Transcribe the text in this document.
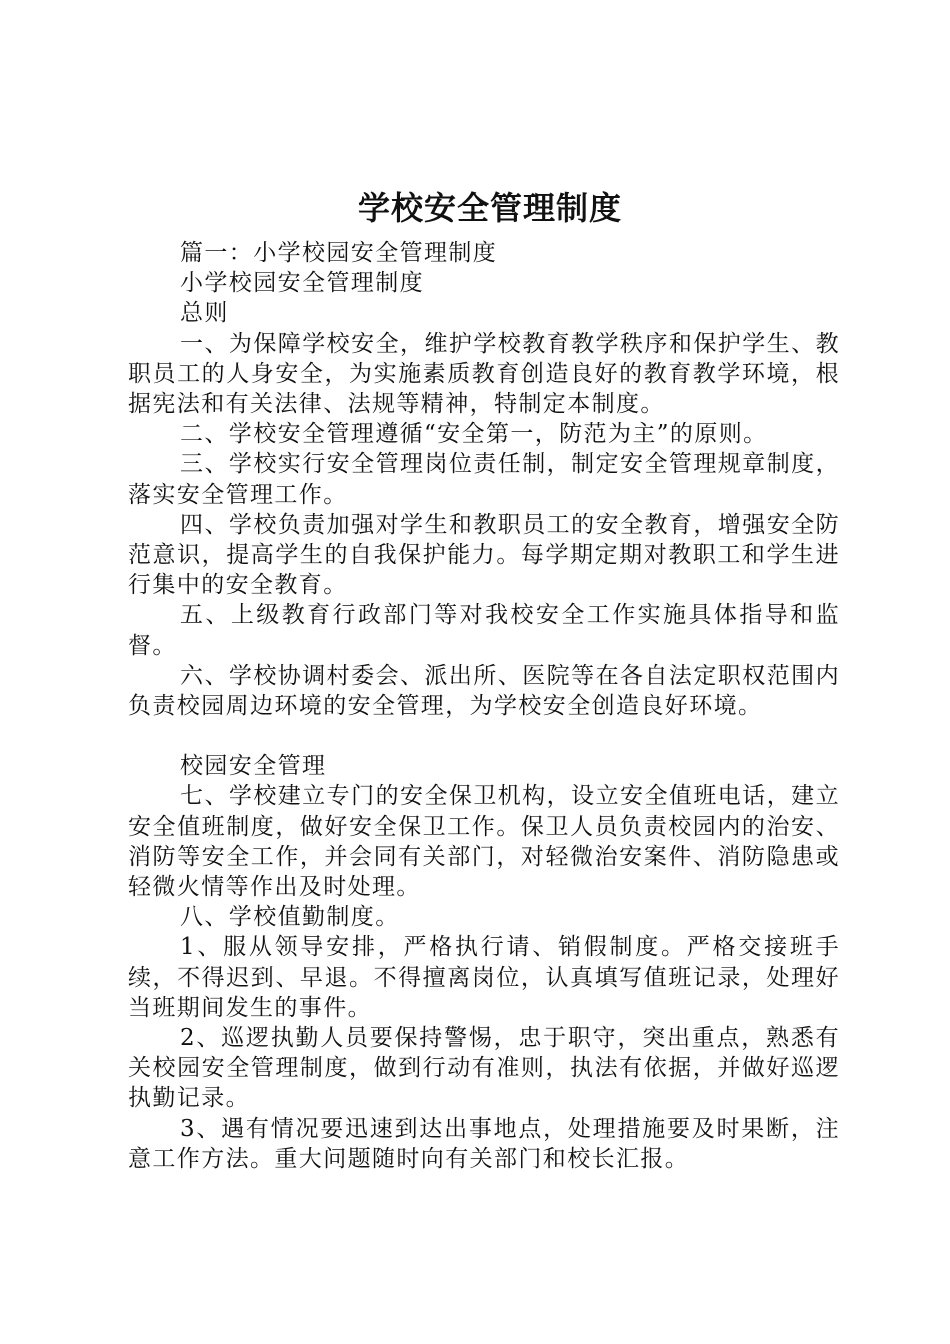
学校安全管理制度

篇一：小学校园安全管理制度

小学校园安全管理制度

总则

一、为保障学校安全，维护学校教育教学秩序和保护学生、教职员工的人身安全，为实施素质教育创造良好的教育教学环境，根据宪法和有关法律、法规等精神，特制定本制度。

二、学校安全管理遵循“安全第一，防范为主”的原则。

三、学校实行安全管理岗位责任制，制定安全管理规章制度，落实安全管理工作。

四、学校负责加强对学生和教职员工的安全教育，增强安全防范意识，提高学生的自我保护能力。每学期定期对教职工和学生进行集中的安全教育。

五、上级教育行政部门等对我校安全工作实施具体指导和监督。

六、学校协调村委会、派出所、医院等在各自法定职权范围内负责校园周边环境的安全管理，为学校安全创造良好环境。

校园安全管理

七、学校建立专门的安全保卫机构，设立安全值班电话，建立安全值班制度，做好安全保卫工作。保卫人员负责校园内的治安、消防等安全工作，并会同有关部门，对轻微治安案件、消防隐患或轻微火情等作出及时处理。

八、学校值勤制度。

1、服从领导安排，严格执行请、销假制度。严格交接班手续，不得迟到、早退。不得擅离岗位，认真填写值班记录，处理好当班期间发生的事件。

2、巡逻执勤人员要保持警惕，忠于职守，突出重点，熟悉有关校园安全管理制度，做到行动有准则，执法有依据，并做好巡逻执勤记录。

3、遇有情况要迅速到达出事地点，处理措施要及时果断，注意工作方法。重大问题随时向有关部门和校长汇报。
